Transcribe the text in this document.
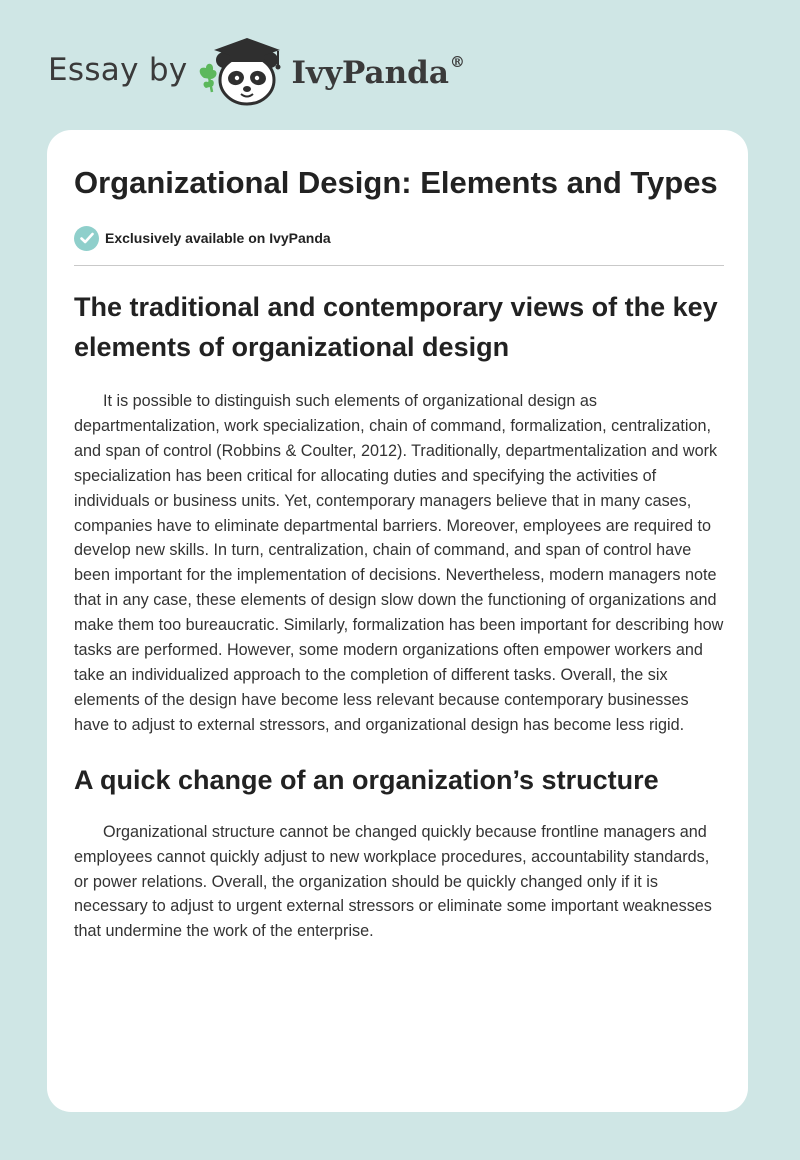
Essay by	IvyPanda®
Organizational Design: Elements and Types
Exclusively available on IvyPanda
The traditional and contemporary views of the key elements of organizational design

It is possible to distinguish such elements of organizational design as departmentalization, work specialization, chain of command, formalization, centralization, and span of control (Robbins & Coulter, 2012). Traditionally, departmentalization and work specialization has been critical for allocating duties and specifying the activities of individuals or business units. Yet, contemporary managers believe that in many cases, companies have to eliminate departmental barriers. Moreover, employees are required to develop new skills. In turn, centralization, chain of command, and span of control have been important for the implementation of decisions. Nevertheless, modern managers note that in any case, these elements of design slow down the functioning of organizations and make them too bureaucratic. Similarly, formalization has been important for describing how tasks are performed. However, some modern organizations often empower workers and take an individualized approach to the completion of different tasks. Overall, the six elements of the design have become less relevant because contemporary businesses have to adjust to external stressors, and organizational design has become less rigid.

A quick change of an organization’s structure

Organizational structure cannot be changed quickly because frontline managers and employees cannot quickly adjust to new workplace procedures, accountability standards, or power relations. Overall, the organization should be quickly changed only if it is necessary to adjust to urgent external stressors or eliminate some important weaknesses that undermine the work of the enterprise.
